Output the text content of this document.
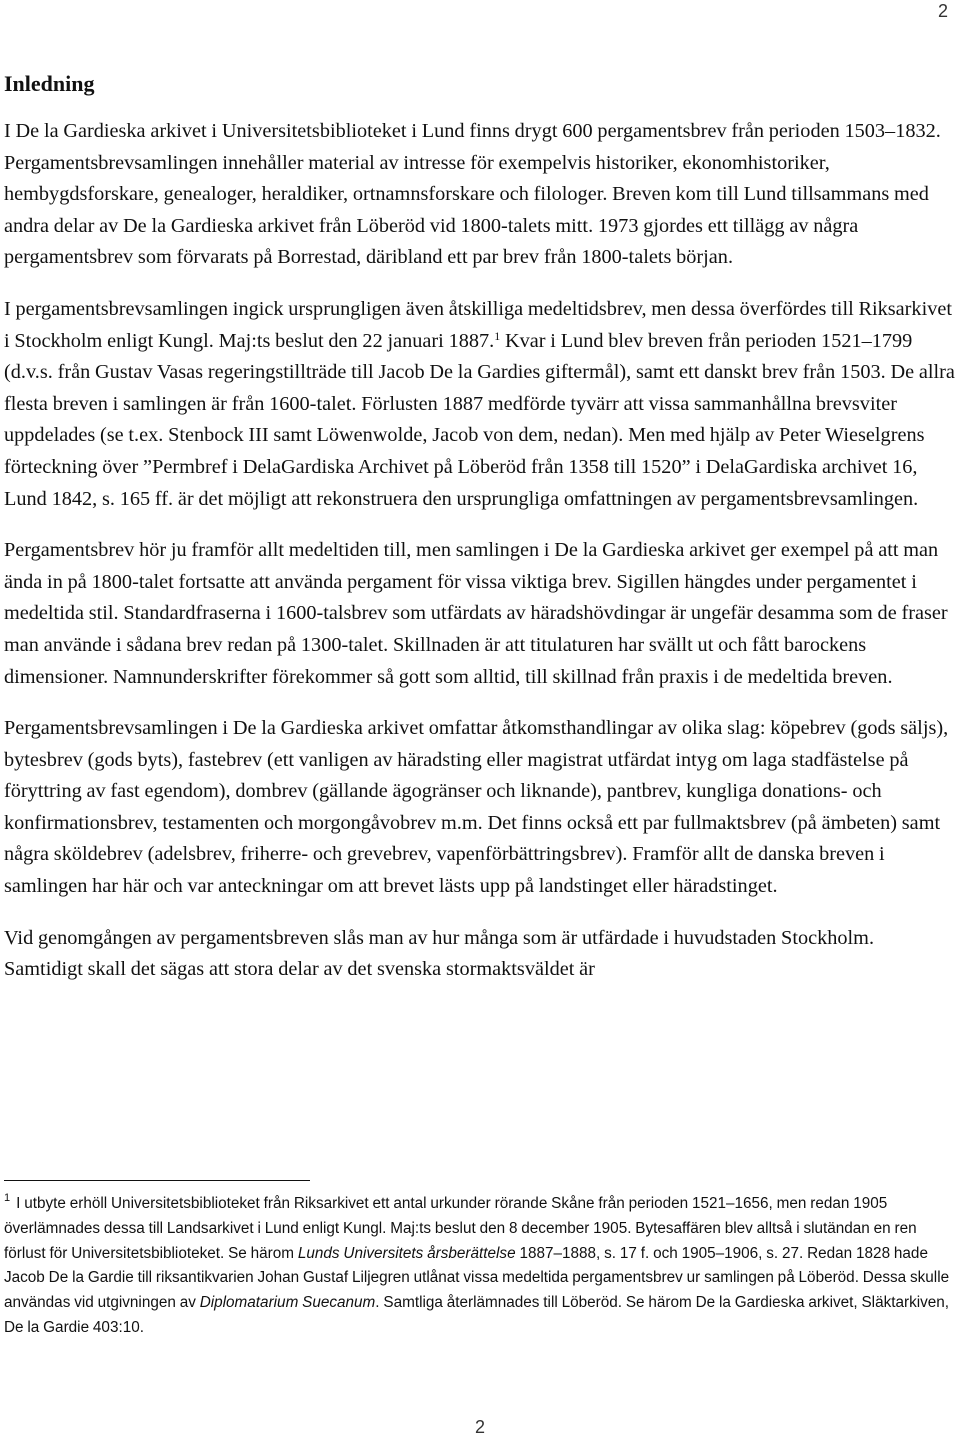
2
Inledning

I De la Gardieska arkivet i Universitetsbiblioteket i Lund finns drygt 600 pergamentsbrev från perioden 1503–1832. Pergamentsbrevsamlingen innehåller material av intresse för exempelvis historiker, ekonomhistoriker, hembygdsforskare, genealoger, heraldiker, ortnamnsforskare och filologer. Breven kom till Lund tillsammans med andra delar av De la Gardieska arkivet från Löberöd vid 1800-talets mitt. 1973 gjordes ett tillägg av några pergamentsbrev som förvarats på Borrestad, däribland ett par brev från 1800-talets början.

I pergamentsbrevsamlingen ingick ursprungligen även åtskilliga medeltidsbrev, men dessa överfördes till Riksarkivet i Stockholm enligt Kungl. Maj:ts beslut den 22 januari 1887.$^1$ Kvar i Lund blev breven från perioden 1521–1799 (d.v.s. från Gustav Vasas regeringstillträde till Jacob De la Gardies giftermål), samt ett danskt brev från 1503. De allra flesta breven i samlingen är från 1600-talet. Förlusten 1887 medförde tyvärr att vissa sammanhållna brevsviter uppdelades (se t.ex. Stenbock III samt Löwenwolde, Jacob von dem, nedan). Men med hjälp av Peter Wieselgrens förteckning över ”Permbref i DelaGardiska Archivet på Löberöd från 1358 till 1520” i DelaGardiska archivet 16, Lund 1842, s. 165 ff. är det möjligt att rekonstruera den ursprungliga omfattningen av pergamentsbrevsamlingen.

Pergamentsbrev hör ju framför allt medeltiden till, men samlingen i De la Gardieska arkivet ger exempel på att man ända in på 1800-talet fortsatte att använda pergament för vissa viktiga brev. Sigillen hängdes under pergamentet i medeltida stil. Standardfraserna i 1600-talsbrev som utfärdats av häradshövdingar är ungefär desamma som de fraser man använde i sådana brev redan på 1300-talet. Skillnaden är att titulaturen har svällt ut och fått barockens dimensioner. Namnunderskrifter förekommer så gott som alltid, till skillnad från praxis i de medeltida breven.

Pergamentsbrevsamlingen i De la Gardieska arkivet omfattar åtkomsthandlingar av olika slag: köpebrev (gods säljs), bytesbrev (gods byts), fastebrev (ett vanligen av häradsting eller magistrat utfärdat intyg om laga stadfästelse på föryttring av fast egendom), dombrev (gällande ägogränser och liknande), pantbrev, kungliga donations- och konfirmationsbrev, testamenten och morgongåvobrev m.m. Det finns också ett par fullmaktsbrev (på ämbeten) samt några sköldebrev (adelsbrev, friherre- och grevebrev, vapenförbättringsbrev). Framför allt de danska breven i samlingen har här och var anteckningar om att brevet lästs upp på landstinget eller häradstinget.

Vid genomgången av pergamentsbreven slås man av hur många som är utfärdade i huvudstaden Stockholm. Samtidigt skall det sägas att stora delar av det svenska stormaktsväldet är

$^1$ I utbyte erhöll Universitetsbiblioteket från Riksarkivet ett antal urkunder rörande Skåne från perioden 1521–1656, men redan 1905 överlämnades dessa till Landsarkivet i Lund enligt Kungl. Maj:ts beslut den 8 december 1905. Bytesaffären blev alltså i slutändan en ren förlust för Universitetsbiblioteket. Se härom Lunds Universitets årsberättelse 1887–1888, s. 17 f. och 1905–1906, s. 27. Redan 1828 hade Jacob De la Gardie till riksantikvarien Johan Gustaf Liljegren utlånat vissa medeltida pergamentsbrev ur samlingen på Löberöd. Dessa skulle användas vid utgivningen av Diplomatarium Suecanum. Samtliga återlämnades till Löberöd. Se härom De la Gardieska arkivet, Släktarkiven, De la Gardie 403:10.
2
